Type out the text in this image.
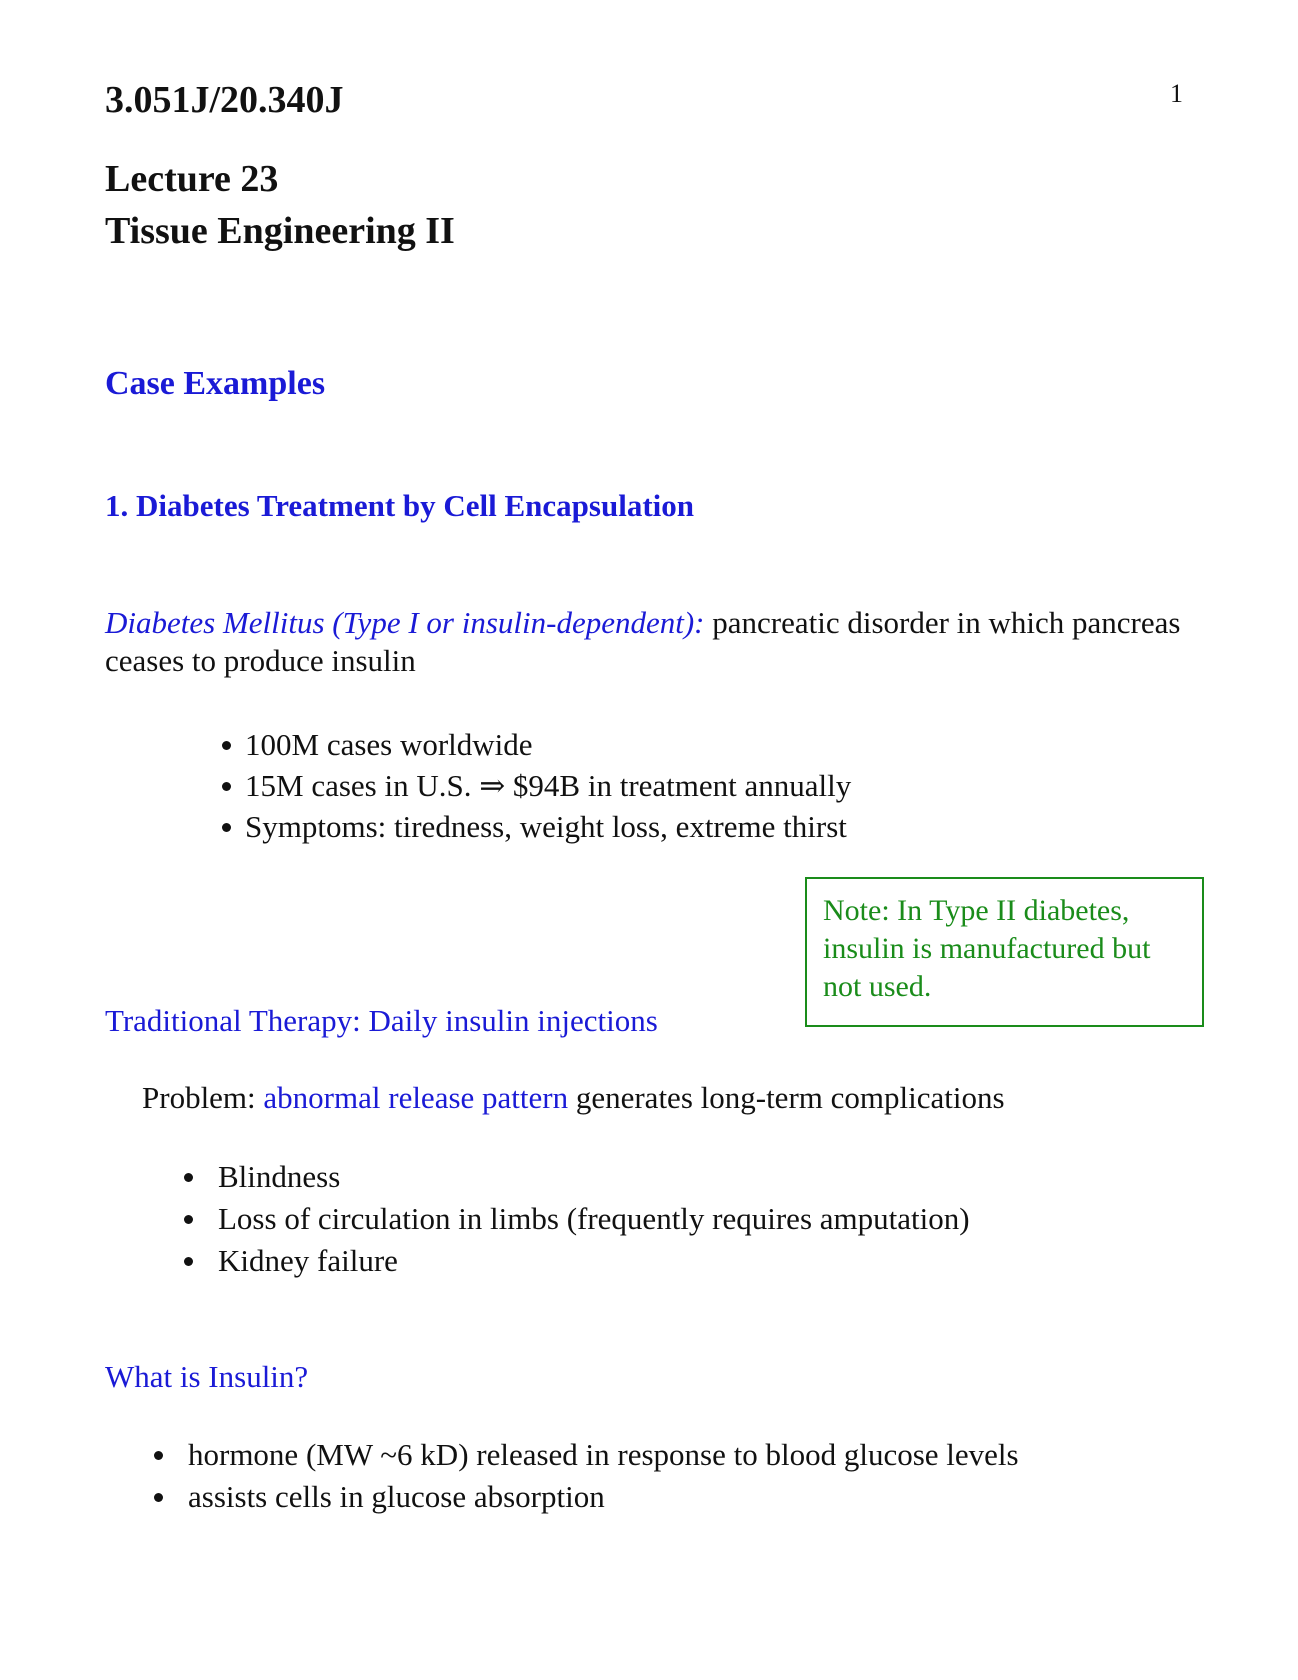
3.051J/20.340J	1
Lecture 23
Tissue Engineering II
Case Examples
1. Diabetes Treatment by Cell Encapsulation
Diabetes Mellitus (Type I or insulin-dependent): pancreatic disorder in which pancreas ceases to produce insulin
100M cases worldwide
15M cases in U.S. ⇒ $94B in treatment annually
Symptoms: tiredness, weight loss, extreme thirst
Note: In Type II diabetes, insulin is manufactured but not used.
Traditional Therapy: Daily insulin injections
Problem: abnormal release pattern generates long-term complications
Blindness
Loss of circulation in limbs (frequently requires amputation)
Kidney failure
What is Insulin?
hormone (MW ~6 kD) released in response to blood glucose levels
assists cells in glucose absorption
